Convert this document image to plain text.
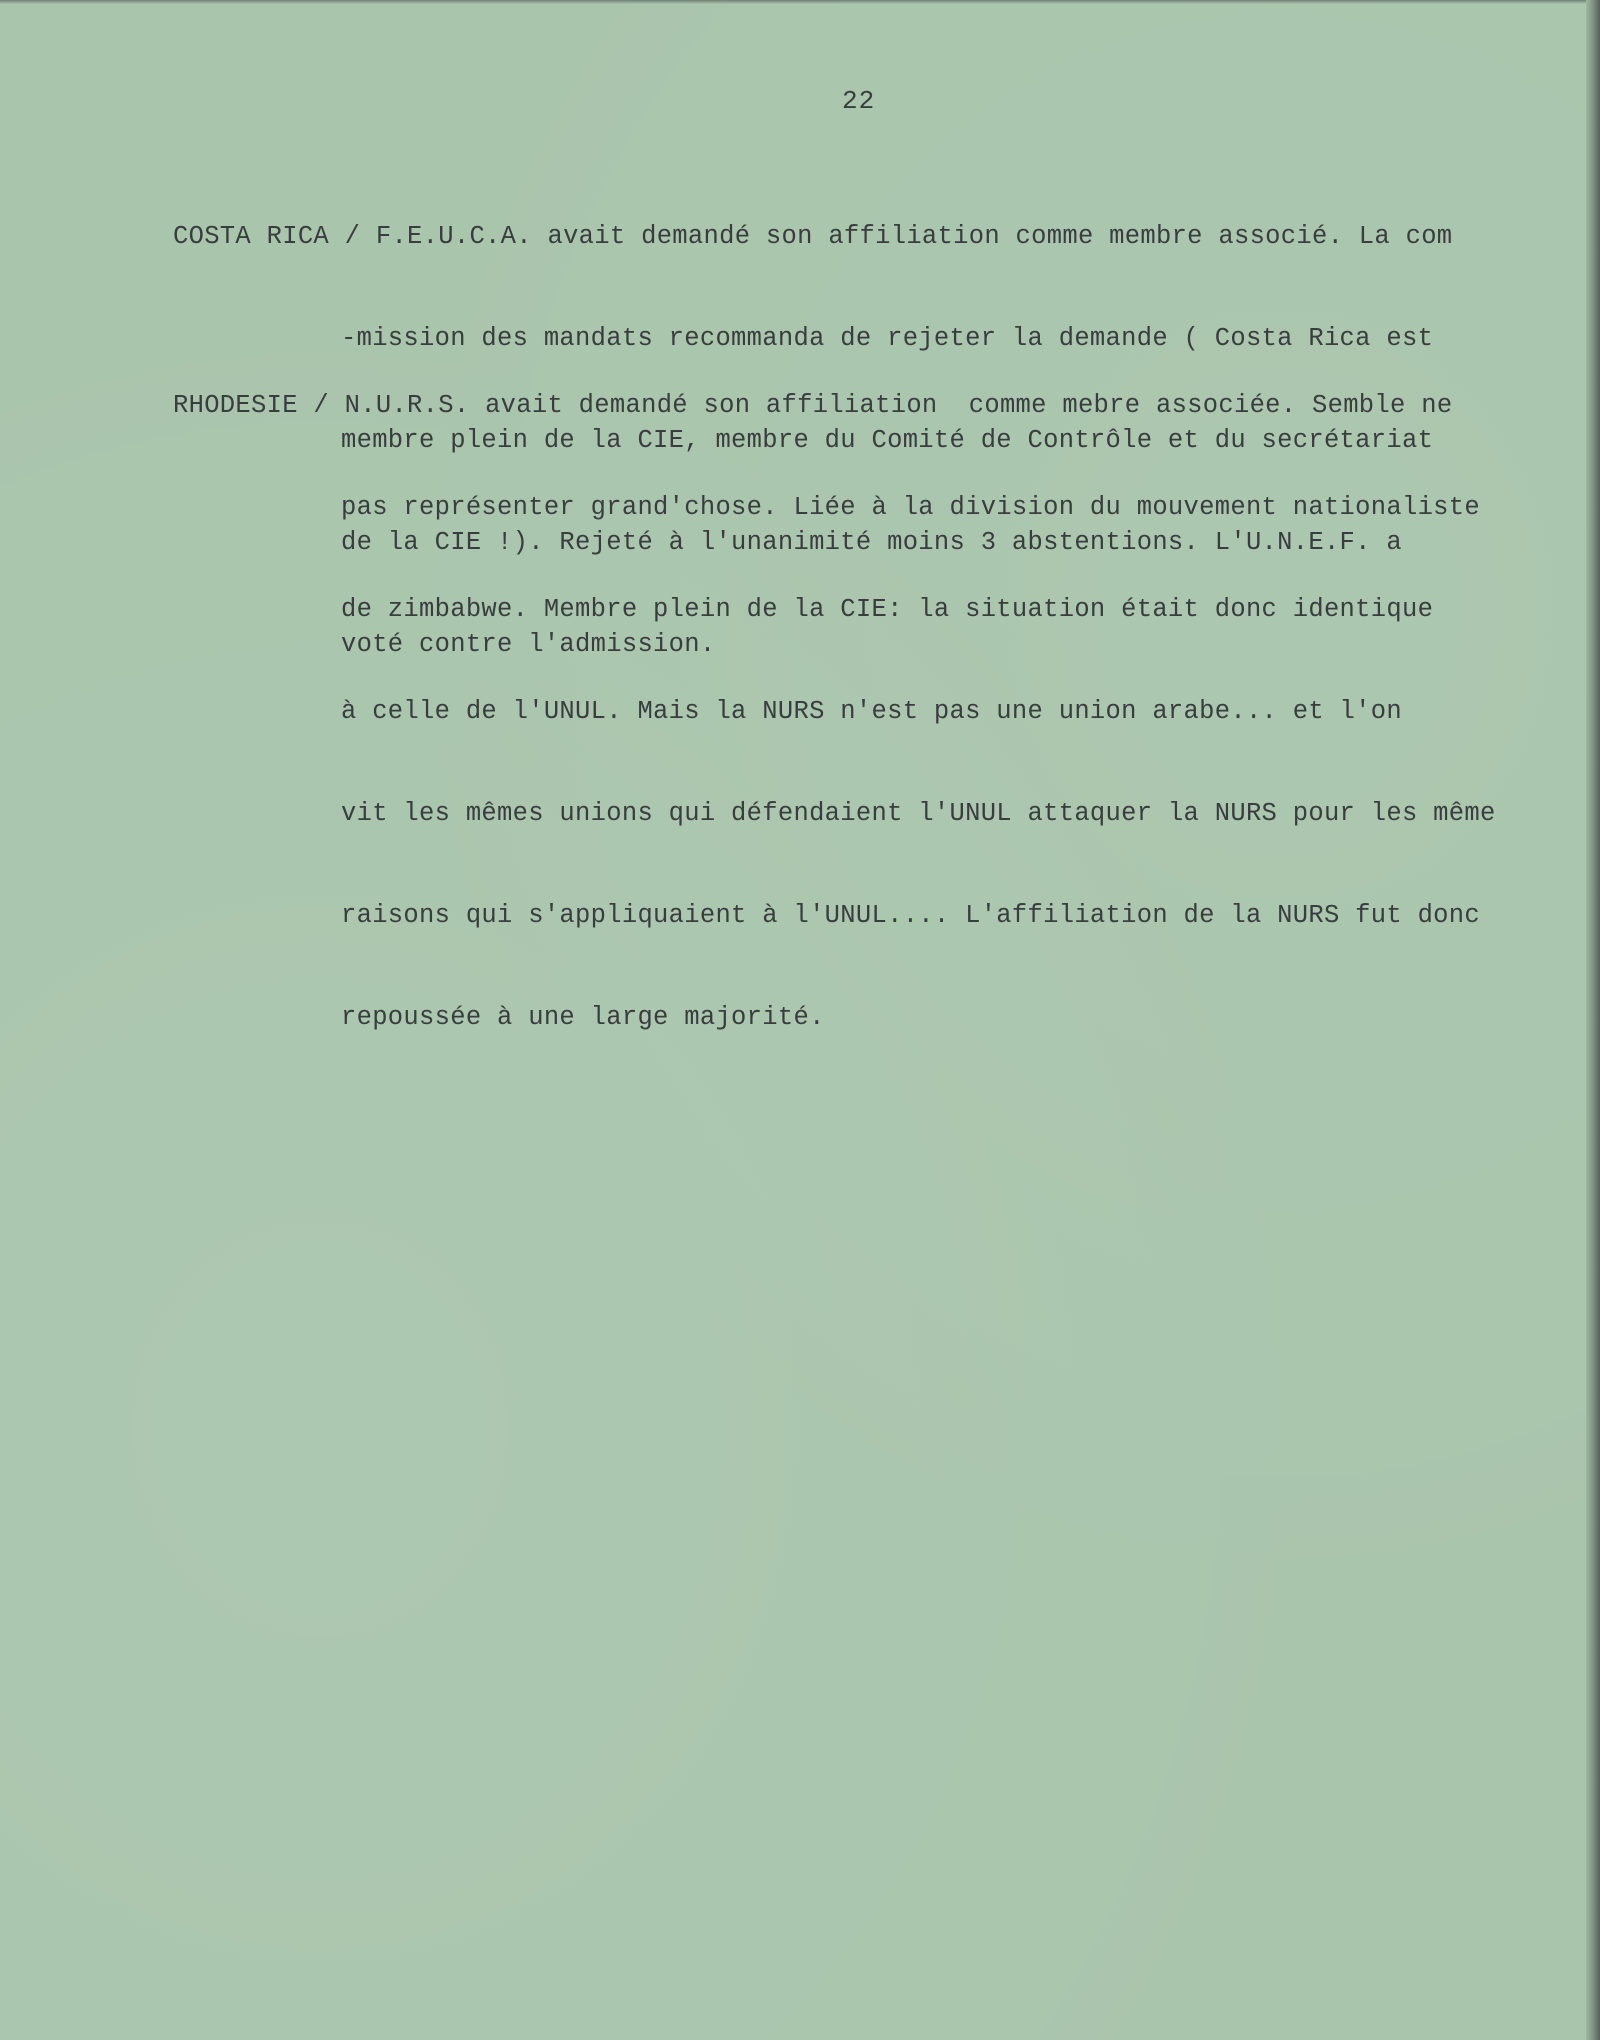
22

COSTA RICA / F.E.U.C.A. avait demandé son affiliation comme membre associé. La com

-mission des mandats recommanda de rejeter la demande ( Costa Rica est

membre plein de la CIE, membre du Comité de Contrôle et du secrétariat

de la CIE !). Rejeté à l'unanimité moins 3 abstentions. L'U.N.E.F. a

voté contre l'admission.

RHODESIE / N.U.R.S. avait demandé son affiliation  comme mebre associée. Semble ne

pas représenter grand'chose. Liée à la division du mouvement nationaliste

de zimbabwe. Membre plein de la CIE: la situation était donc identique

à celle de l'UNUL. Mais la NURS n'est pas une union arabe... et l'on

vit les mêmes unions qui défendaient l'UNUL attaquer la NURS pour les même

raisons qui s'appliquaient à l'UNUL.... L'affiliation de la NURS fut donc

repoussée à une large majorité.
